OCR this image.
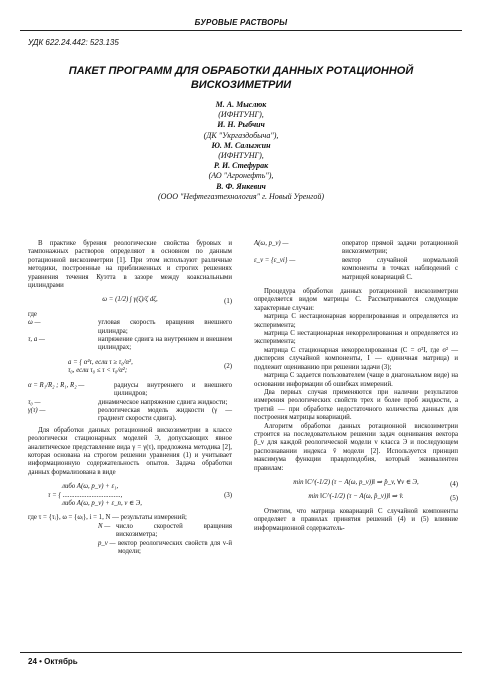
БУРОВЫЕ РАСТВОРЫ
УДК 622.24.442: 523.135
ПАКЕТ ПРОГРАММ ДЛЯ ОБРАБОТКИ ДАННЫХ РОТАЦИОННОЙ ВИСКОЗИМЕТРИИ
М. А. Мыслюк
(ИФНТУНГ),
И. Н. Рыбчич
(ДК "Укргаздобыча"),
Ю. М. Салыжин
(ИФНТУНГ),
Р. И. Стефурак
(АО "Агронефть"),
В. Ф. Янкевич
(ООО "Нефтегазтехнология" г. Новый Уренгой)

В практике бурения реологические свойства буровых и тампонажных растворов определяют в основном по данным ротационной вискозиметрии [1]. При этом используют различные методики, построенные на приближенных и строгих решениях уравнения течения Куэтта в зазоре между коаксиальными цилиндрами

ω = (1/2) ∫ γ(ζ)/ζ dζ,	(1)
где
ω —	угловая скорость вращения внешнего цилиндра;
τ, a —	напряжение сдвига на внутреннем и внешнем цилиндрах;
a = { α²τ, если τ ≥ τ₀/α²,
τ₀, если τ₀ ≤ τ < τ₀/α²;
(2)
α = R₁/R₂ ; R₁, R₂ —	радиусы внутреннего и внешнего цилиндров;
τ₀ —	динамическое напряжение сдвига жидкости;
γ(τ) —	реологическая модель жидкости (γ — градиент скорости сдвига).

Для обработки данных ротационной вискозиметрии в классе реологически стационарных моделей Э, допускающих явное аналитическое представление вида γ = γ(τ), предложена методика [2], которая основана на строгом решении уравнения (1) и учитывает информационную содержательность опытов. Задача обработки данных формализована в виде

либо A(ω, p_v) + ε₁,
τ = { ..................................,
либо A(ω, p_v) + ε_n, v ∈ Э,
(3)
где τ = {τᵢ}, ω = {ωᵢ}, i = 1, N — результаты измерений;
N — число скоростей вращения вискозиметра;
p_v — вектор реологических свойств для v-й модели;
A(ω, p_v) —	оператор прямой задачи ротационной вискозиметрии;
ε_v = {ε_vi} —	вектор случайной нормальной компоненты в точках наблюдений с матрицей ковариаций C.

Процедура обработки данных ротационной вискозиметрии определяется видом матрицы С. Рассматриваются следующие характерные случаи:

матрица С нестационарная коррелированная и определяется из эксперимента;

матрица С нестационарная некоррелированная и определяется из эксперимента;

матрица С стационарная некоррелированная (C = σ²I, где σ² — дисперсия случайной компоненты, I — единичная матрица) и подлежит оцениванию при решении задачи (3);

матрица С задается пользователем (чаще в диагональном виде) на основании информации об ошибках измерений.

Два первых случая применяются при наличии результатов измерения реологических свойств трех и более проб жидкости, а третий — при обработке недостаточного количества данных для построения матрицы ковариаций.

Алгоритм обработки данных ротационной вискозиметрии строится на последовательном решении задач оценивания вектора p̂_v для каждой реологической модели v класса Э и последующем распознавании индекса v̂ модели [2]. Используется принцип максимума функции правдоподобия, который эквивалентен правилам:

min ‖C^(-1/2) (τ − A(ω, p_v))‖ ⇒ p̂_v, ∀v ∈ Э,	(4)
min ‖C^(-1/2) (τ − A(ω, p̂_v))‖ ⇒ v̂.	(5)

Отметим, что матрица ковариаций С случайной компоненты определяет в правилах принятия решений (4) и (5) влияние информационной содержатель-

24 • Октябрь
